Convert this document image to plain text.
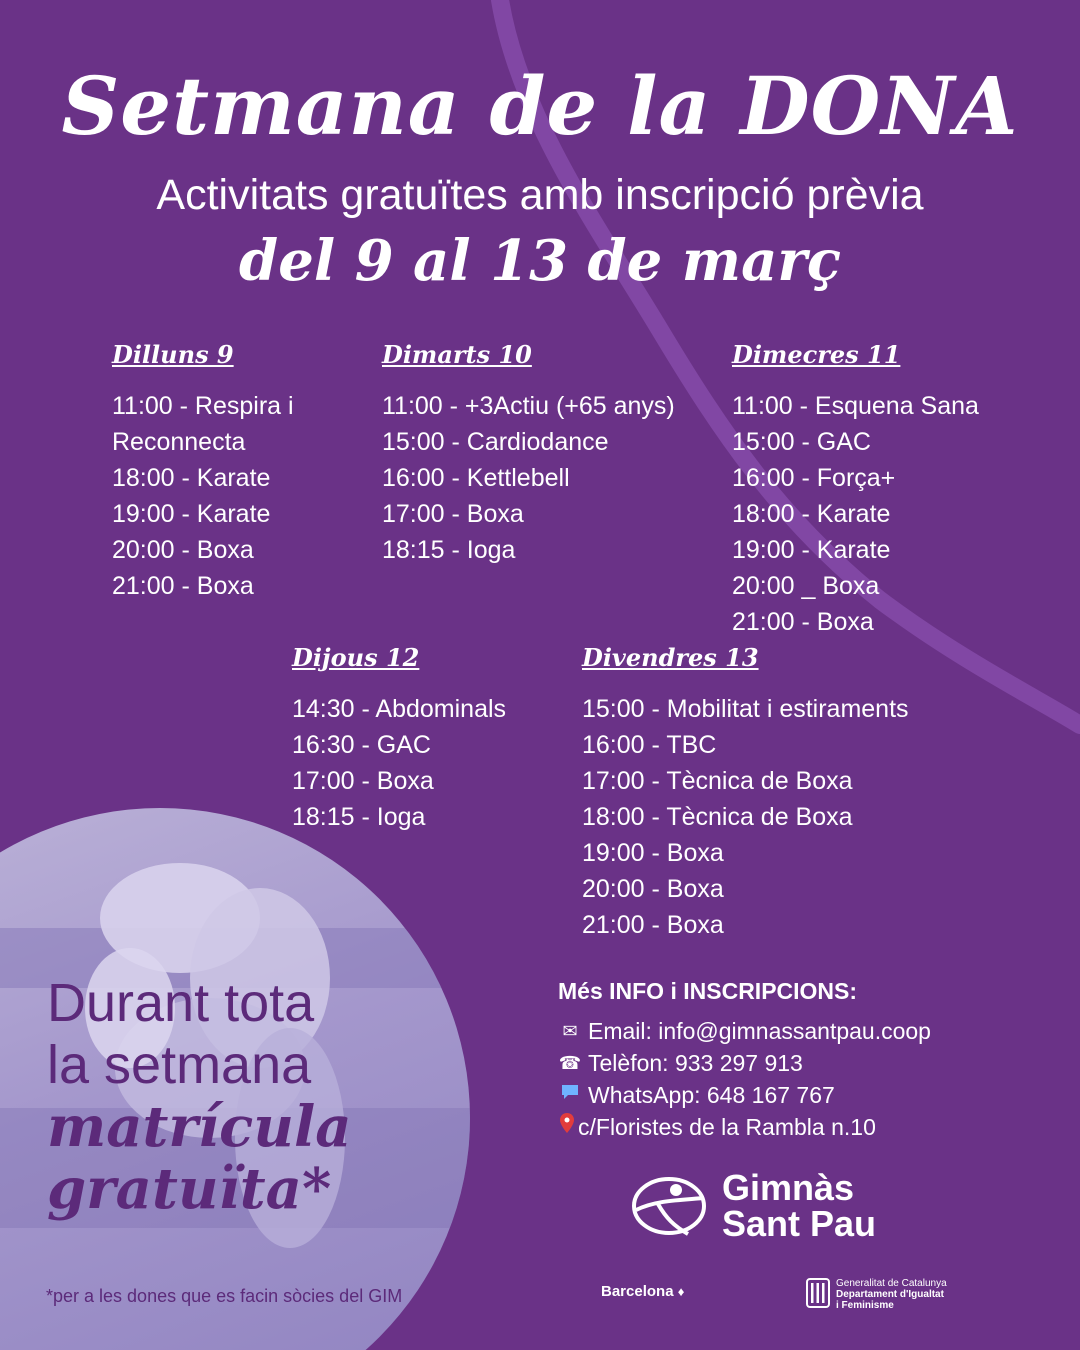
Setmana de la DONA
Activitats gratuïtes amb inscripció prèvia
del 9 al 13 de març
Dilluns 9
11:00 - Respira i Reconnecta
18:00 - Karate
19:00 - Karate
20:00 - Boxa
21:00 - Boxa
Dimarts 10
11:00 - +3Actiu (+65 anys)
15:00 - Cardiodance
16:00 - Kettlebell
17:00 - Boxa
18:15 - Ioga
Dimecres 11
11:00 - Esquena Sana
15:00 - GAC
16:00 - Força+
18:00 - Karate
19:00 - Karate
20:00 _ Boxa
21:00 - Boxa
Dijous 12
14:30 - Abdominals
16:30 - GAC
17:00 - Boxa
18:15 - Ioga
Divendres 13
15:00 - Mobilitat i estiraments
16:00 - TBC
17:00 - Tècnica de Boxa
18:00 - Tècnica de Boxa
19:00 - Boxa
20:00 - Boxa
21:00 - Boxa
Durant tota
la setmana
matrícula
gratuïta*
*per a les dones que es facin sòcies del GIM
Més INFO i INSCRIPCIONS:
✉ Email: info@gimnassantpau.coop
☎ Telèfon: 933 297 913
WhatsApp: 648 167 767
c/Floristes de la Rambla n.10
Gimnàs
Sant Pau
Barcelona ♦
Generalitat de Catalunya
Departament d'Igualtat
i Feminisme
